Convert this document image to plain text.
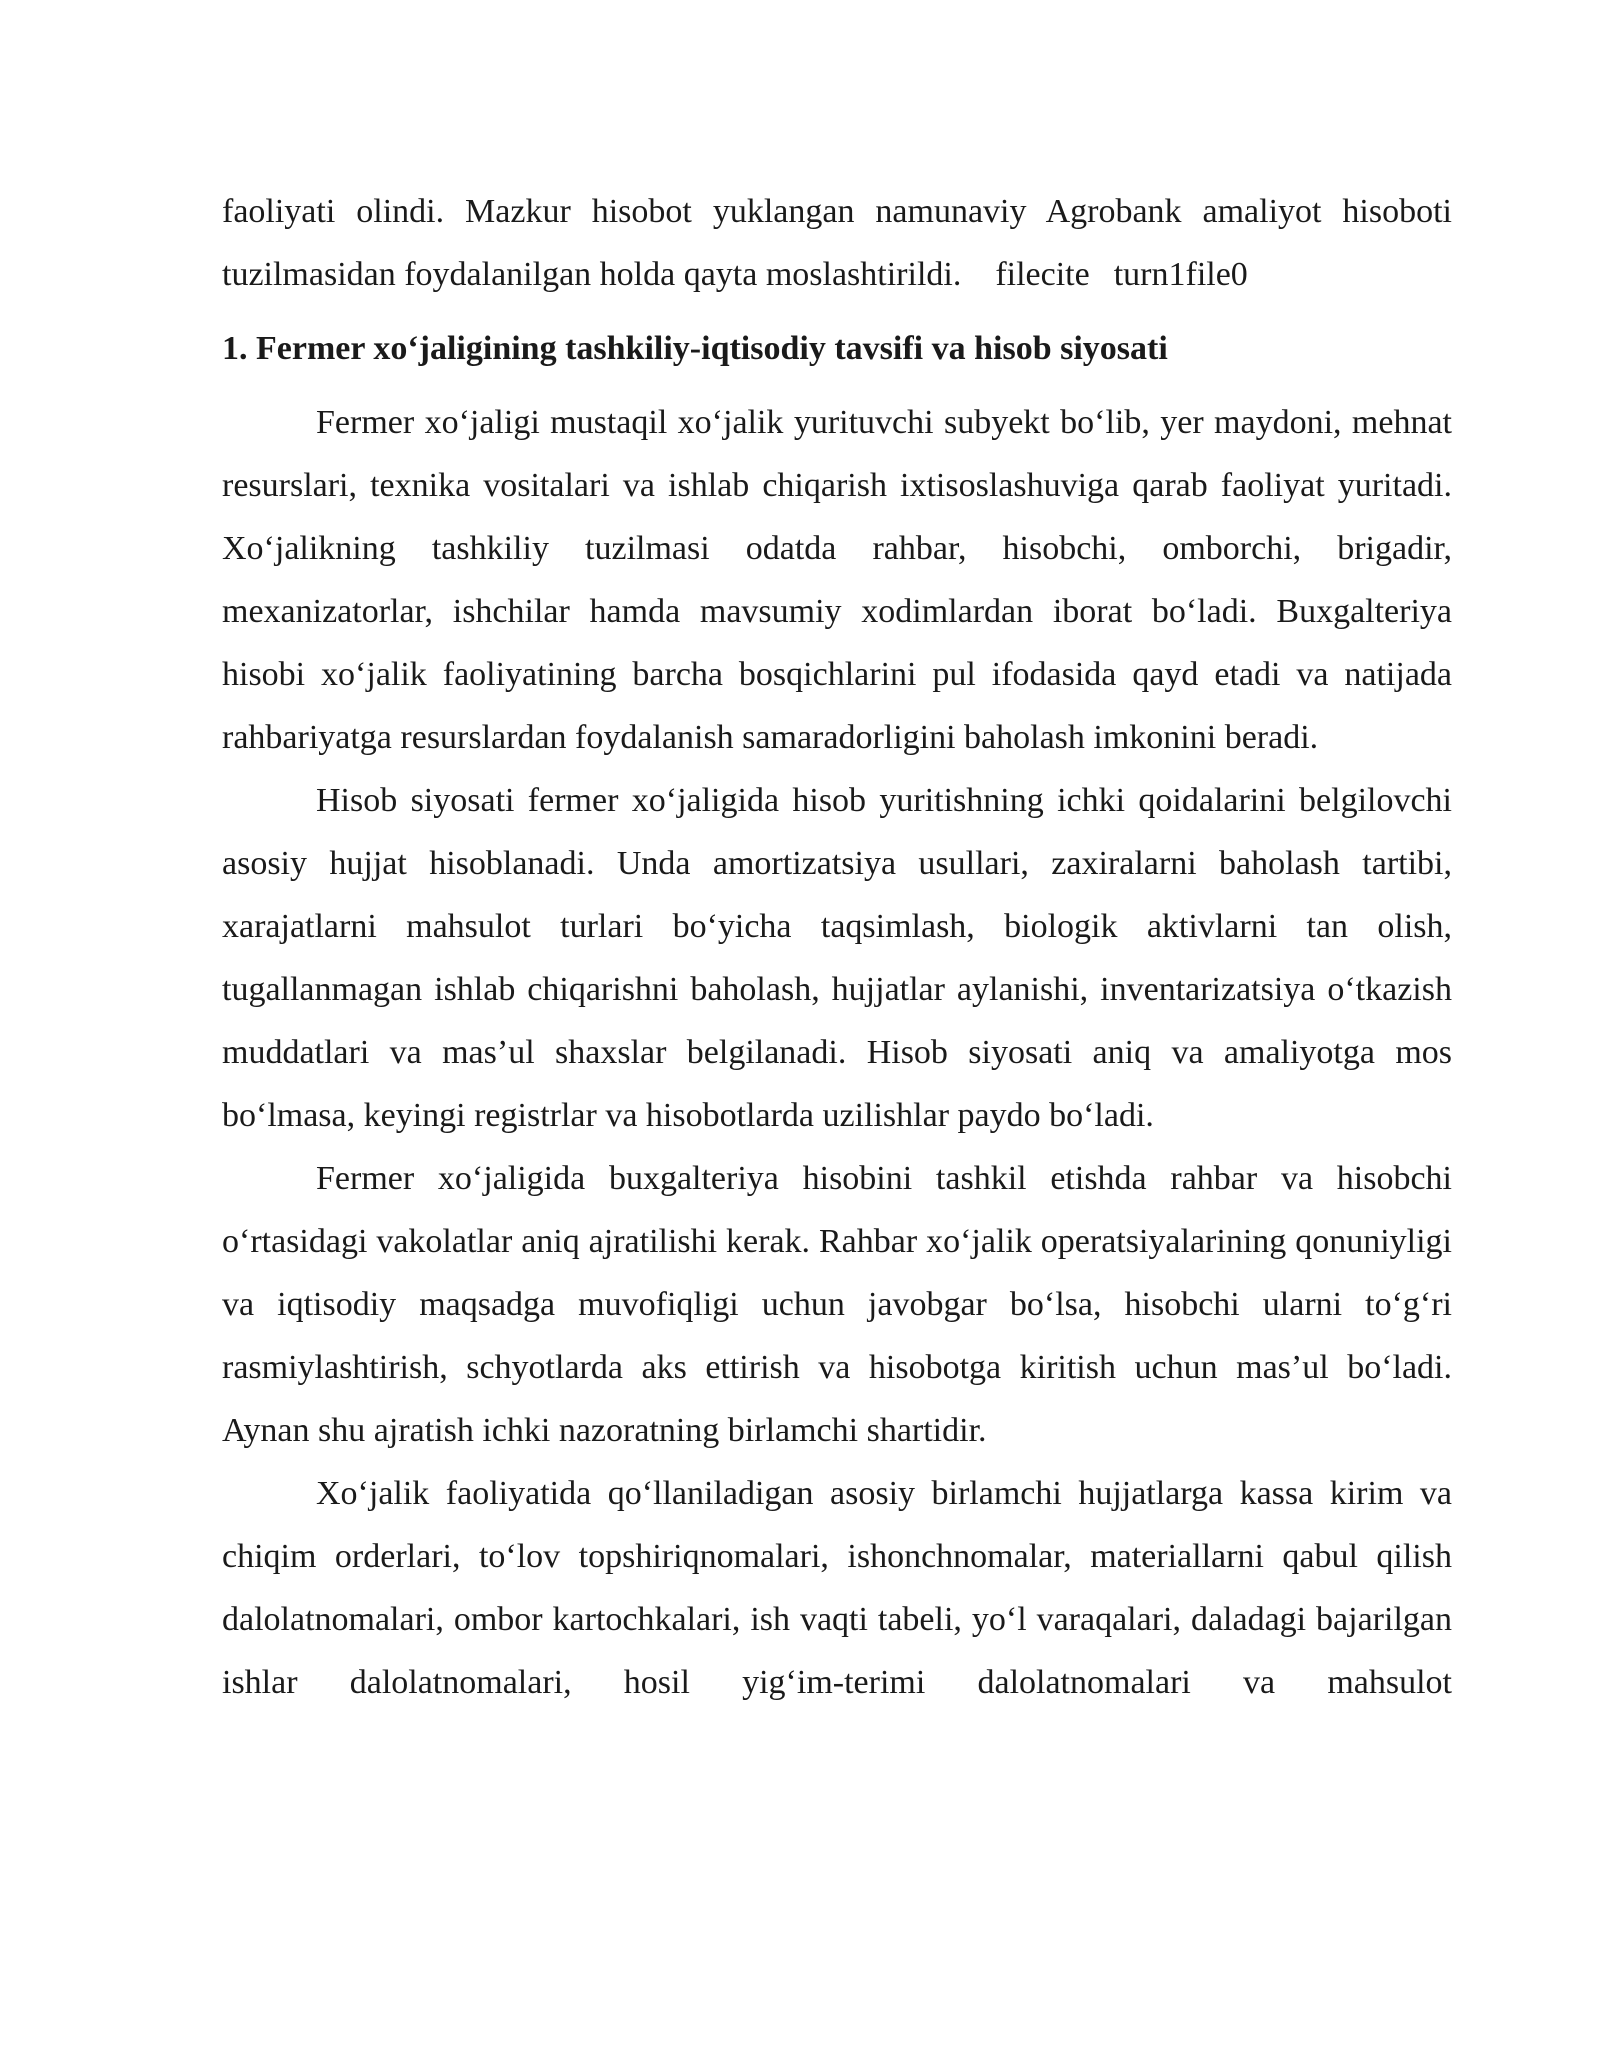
faoliyati olindi. Mazkur hisobot yuklangan namunaviy Agrobank amaliyot hisoboti tuzilmasidan foydalanilgan holda qayta moslashtirildi. filecite turn1file0

1. Fermer xo‘jaligining tashkiliy-iqtisodiy tavsifi va hisob siyosati

Fermer xo‘jaligi mustaqil xo‘jalik yurituvchi subyekt bo‘lib, yer maydoni, mehnat resurslari, texnika vositalari va ishlab chiqarish ixtisoslashuviga qarab faoliyat yuritadi. Xo‘jalikning tashkiliy tuzilmasi odatda rahbar, hisobchi, omborchi, brigadir, mexanizatorlar, ishchilar hamda mavsumiy xodimlardan iborat bo‘ladi. Buxgalteriya hisobi xo‘jalik faoliyatining barcha bosqichlarini pul ifodasida qayd etadi va natijada rahbariyatga resurslardan foydalanish samaradorligini baholash imkonini beradi.

Hisob siyosati fermer xo‘jaligida hisob yuritishning ichki qoidalarini belgilovchi asosiy hujjat hisoblanadi. Unda amortizatsiya usullari, zaxiralarni baholash tartibi, xarajatlarni mahsulot turlari bo‘yicha taqsimlash, biologik aktivlarni tan olish, tugallanmagan ishlab chiqarishni baholash, hujjatlar aylanishi, inventarizatsiya o‘tkazish muddatlari va mas’ul shaxslar belgilanadi. Hisob siyosati aniq va amaliyotga mos bo‘lmasa, keyingi registrlar va hisobotlarda uzilishlar paydo bo‘ladi.

Fermer xo‘jaligida buxgalteriya hisobini tashkil etishda rahbar va hisobchi o‘rtasidagi vakolatlar aniq ajratilishi kerak. Rahbar xo‘jalik operatsiyalarining qonuniyligi va iqtisodiy maqsadga muvofiqligi uchun javobgar bo‘lsa, hisobchi ularni to‘g‘ri rasmiylashtirish, schyotlarda aks ettirish va hisobotga kiritish uchun mas’ul bo‘ladi. Aynan shu ajratish ichki nazoratning birlamchi shartidir.

Xo‘jalik faoliyatida qo‘llaniladigan asosiy birlamchi hujjatlarga kassa kirim va chiqim orderlari, to‘lov topshiriqnomalari, ishonchnomalar, materiallarni qabul qilish dalolatnomalari, ombor kartochkalari, ish vaqti tabeli, yo‘l varaqalari, daladagi bajarilgan ishlar dalolatnomalari, hosil yig‘im-terimi dalolatnomalari va mahsulot
